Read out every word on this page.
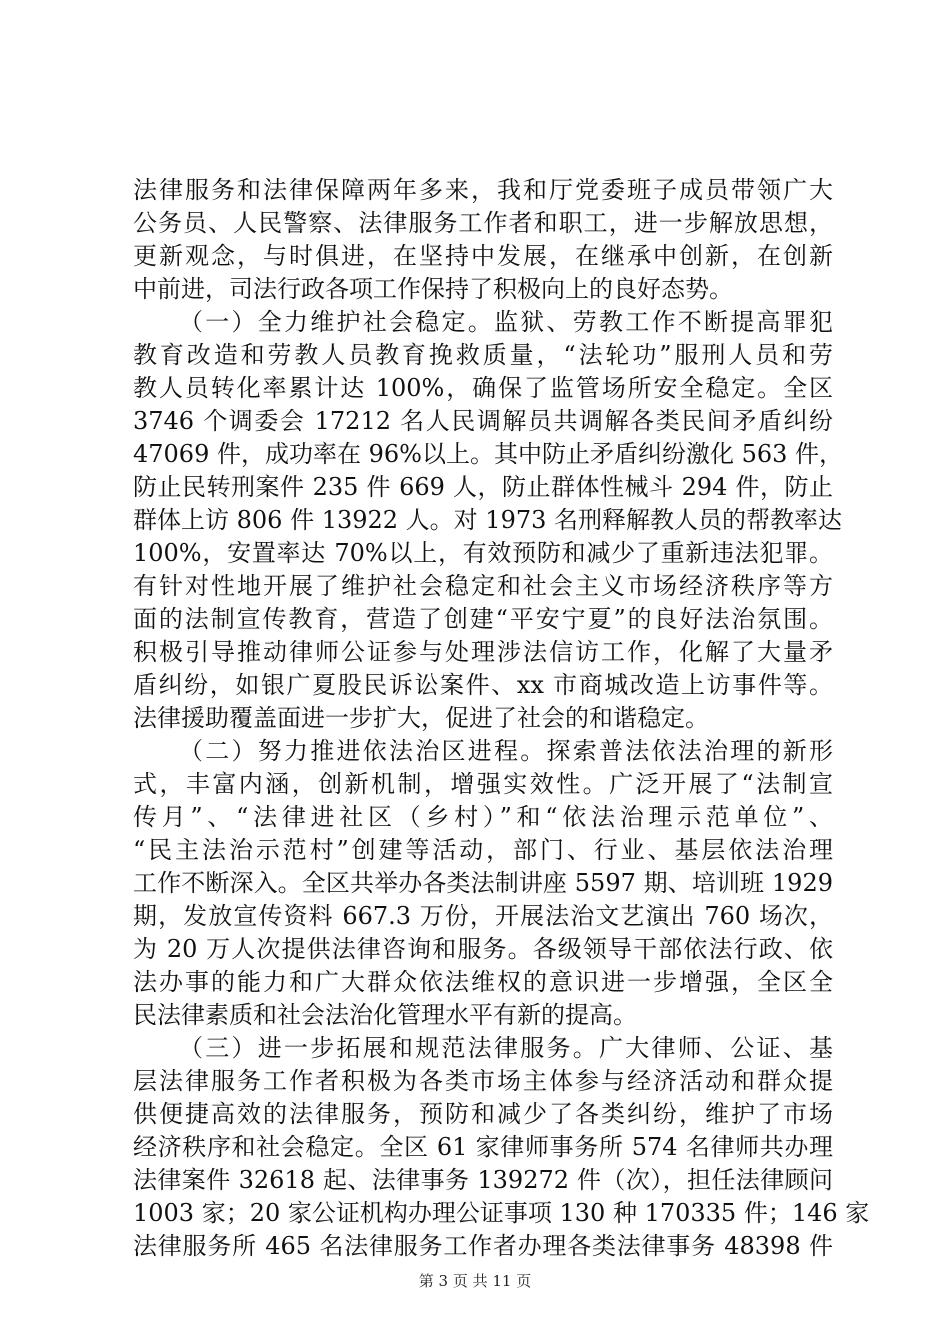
法律服务和法律保障两年多来，我和厅党委班子成员带领广大
公务员、人民警察、法律服务工作者和职工，进一步解放思想，
更新观念，与时俱进，在坚持中发展，在继承中创新，在创新
中前进，司法行政各项工作保持了积极向上的良好态势。
（一）全力维护社会稳定。监狱、劳教工作不断提高罪犯
教育改造和劳教人员教育挽救质量，“法轮功”服刑人员和劳
教人员转化率累计达 100%，确保了监管场所安全稳定。全区
3746 个调委会 17212 名人民调解员共调解各类民间矛盾纠纷
47069 件，成功率在 96%以上。其中防止矛盾纠纷激化 563 件，
防止民转刑案件 235 件 669 人，防止群体性械斗 294 件，防止
群体上访 806 件 13922 人。对 1973 名刑释解教人员的帮教率达
100%，安置率达 70%以上，有效预防和减少了重新违法犯罪。
有针对性地开展了维护社会稳定和社会主义市场经济秩序等方
面的法制宣传教育，营造了创建“平安宁夏”的良好法治氛围。
积极引导推动律师公证参与处理涉法信访工作，化解了大量矛
盾纠纷，如银广夏股民诉讼案件、xx 市商城改造上访事件等。
法律援助覆盖面进一步扩大，促进了社会的和谐稳定。
（二）努力推进依法治区进程。探索普法依法治理的新形
式，丰富内涵，创新机制，增强实效性。广泛开展了“法制宣
传月”、“法律进社区（乡村）”和“依法治理示范单位”、
“民主法治示范村”创建等活动，部门、行业、基层依法治理
工作不断深入。全区共举办各类法制讲座 5597 期、培训班 1929
期，发放宣传资料 667.3 万份，开展法治文艺演出 760 场次，
为 20 万人次提供法律咨询和服务。各级领导干部依法行政、依
法办事的能力和广大群众依法维权的意识进一步增强，全区全
民法律素质和社会法治化管理水平有新的提高。
（三）进一步拓展和规范法律服务。广大律师、公证、基
层法律服务工作者积极为各类市场主体参与经济活动和群众提
供便捷高效的法律服务，预防和减少了各类纠纷，维护了市场
经济秩序和社会稳定。全区 61 家律师事务所 574 名律师共办理
法律案件 32618 起、法律事务 139272 件（次），担任法律顾问
1003 家；20 家公证机构办理公证事项 130 种 170335 件；146 家
法律服务所 465 名法律服务工作者办理各类法律事务 48398 件
第 3 页 共 11 页
